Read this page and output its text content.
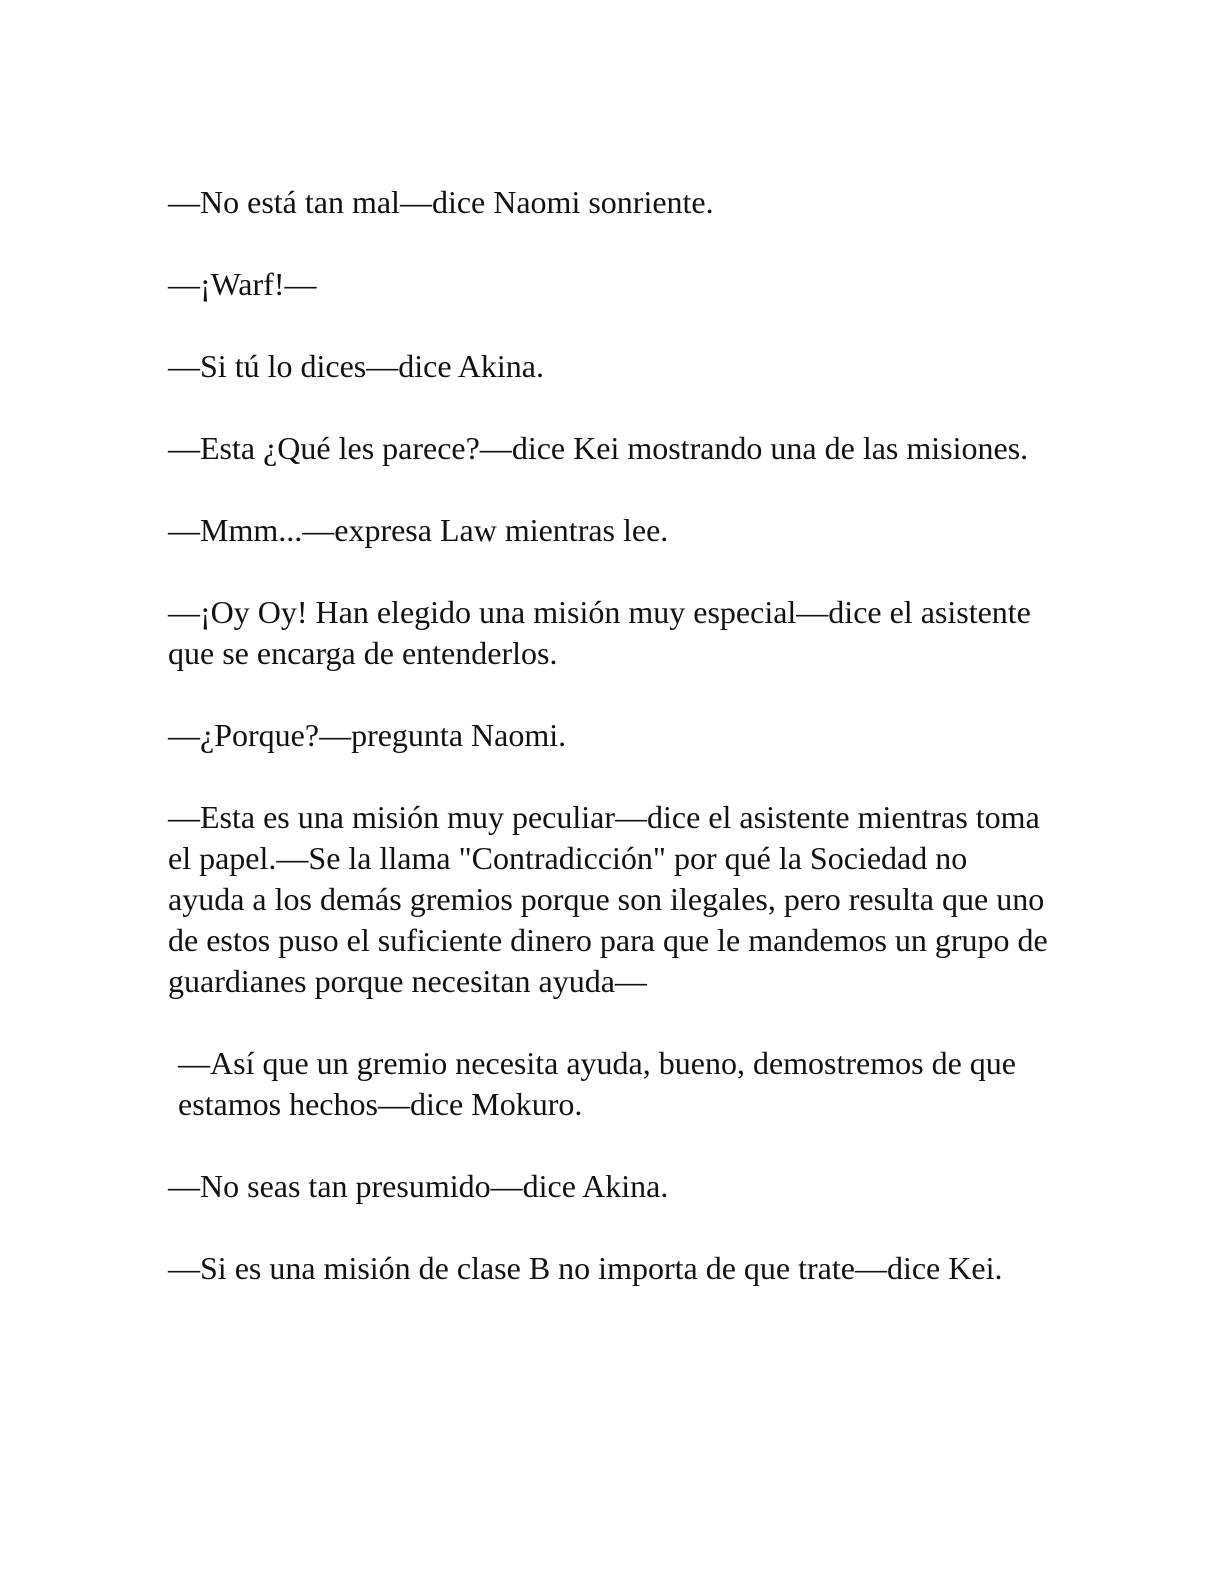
—No está tan mal—dice Naomi sonriente.

—¡Warf!—

—Si tú lo dices—dice Akina.

—Esta ¿Qué les parece?—dice Kei mostrando una de las misiones.

—Mmm...—expresa Law mientras lee.

—¡Oy Oy! Han elegido una misión muy especial—dice el asistente que se encarga de entenderlos.

—¿Porque?—pregunta Naomi.

—Esta es una misión muy peculiar—dice el asistente mientras toma el papel.—Se la llama "Contradicción" por qué la Sociedad no ayuda a los demás gremios porque son ilegales, pero resulta que uno de estos puso el suficiente dinero para que le mandemos un grupo de guardianes porque necesitan ayuda—

—Así que un gremio necesita ayuda, bueno, demostremos de que estamos hechos—dice Mokuro.

—No seas tan presumido—dice Akina.

—Si es una misión de clase B no importa de que trate—dice Kei.
